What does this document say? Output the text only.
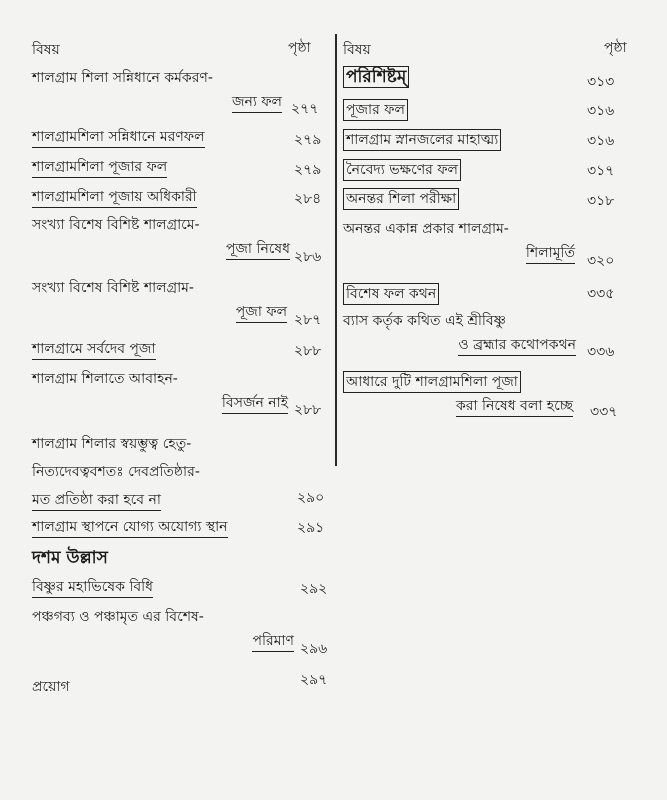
বিষয়	পৃষ্ঠা বিষয়	পৃষ্ঠা
শালগ্রাম শিলা সন্নিধানে কর্মকরণ-
জন্য ফল ২৭৭
শালগ্রামশিলা সন্নিধানে মরণফল	২৭৯
শালগ্রামশিলা পূজার ফল	২৭৯
শালগ্রামশিলা পূজায় অধিকারী	২৮৪
সংখ্যা বিশেষ বিশিষ্ট শালগ্রামে-
পূজা নিষেধ ২৮৬
সংখ্যা বিশেষ বিশিষ্ট শালগ্রাম-
পূজা ফল ২৮৭
শালগ্রামে সর্বদেব পূজা	২৮৮
শালগ্রাম শিলাতে আবাহন-
বিসর্জন নাই ২৮৮
শালগ্রাম শিলার স্বয়ম্ভুত্ব হেতু-
নিত্যদেবত্ববশতঃ দেবপ্রতিষ্ঠার-
মত প্রতিষ্ঠা করা হবে না	২৯০
শালগ্রাম স্থাপনে যোগ্য অযোগ্য স্থান	২৯১
দশম উল্লাস
বিষ্ণুর মহাভিষেক বিধি	২৯২
পঞ্চগব্য ও পঞ্চামৃত এর বিশেষ-
পরিমাণ ২৯৬
প্রয়োগ	২৯৭
পরিশিষ্টম্	৩১৩
পূজার ফল	৩১৬
শালগ্রাম স্নানজলের মাহাত্ম্য	৩১৬
নৈবেদ্য ভক্ষণের ফল	৩১৭
অনন্তর শিলা পরীক্ষা	৩১৮
অনন্তর একান্ন প্রকার শালগ্রাম-
শিলামূর্তি ৩২০
বিশেষ ফল কথন	৩৩৫
ব্যাস কর্তৃক কথিত এই শ্রীবিষ্ণু
ও ব্রহ্মার কথোপকথন ৩৩৬
আধারে দুটি শালগ্রামশিলা পূজা
করা নিষেধ বলা হচ্ছে ৩৩৭
